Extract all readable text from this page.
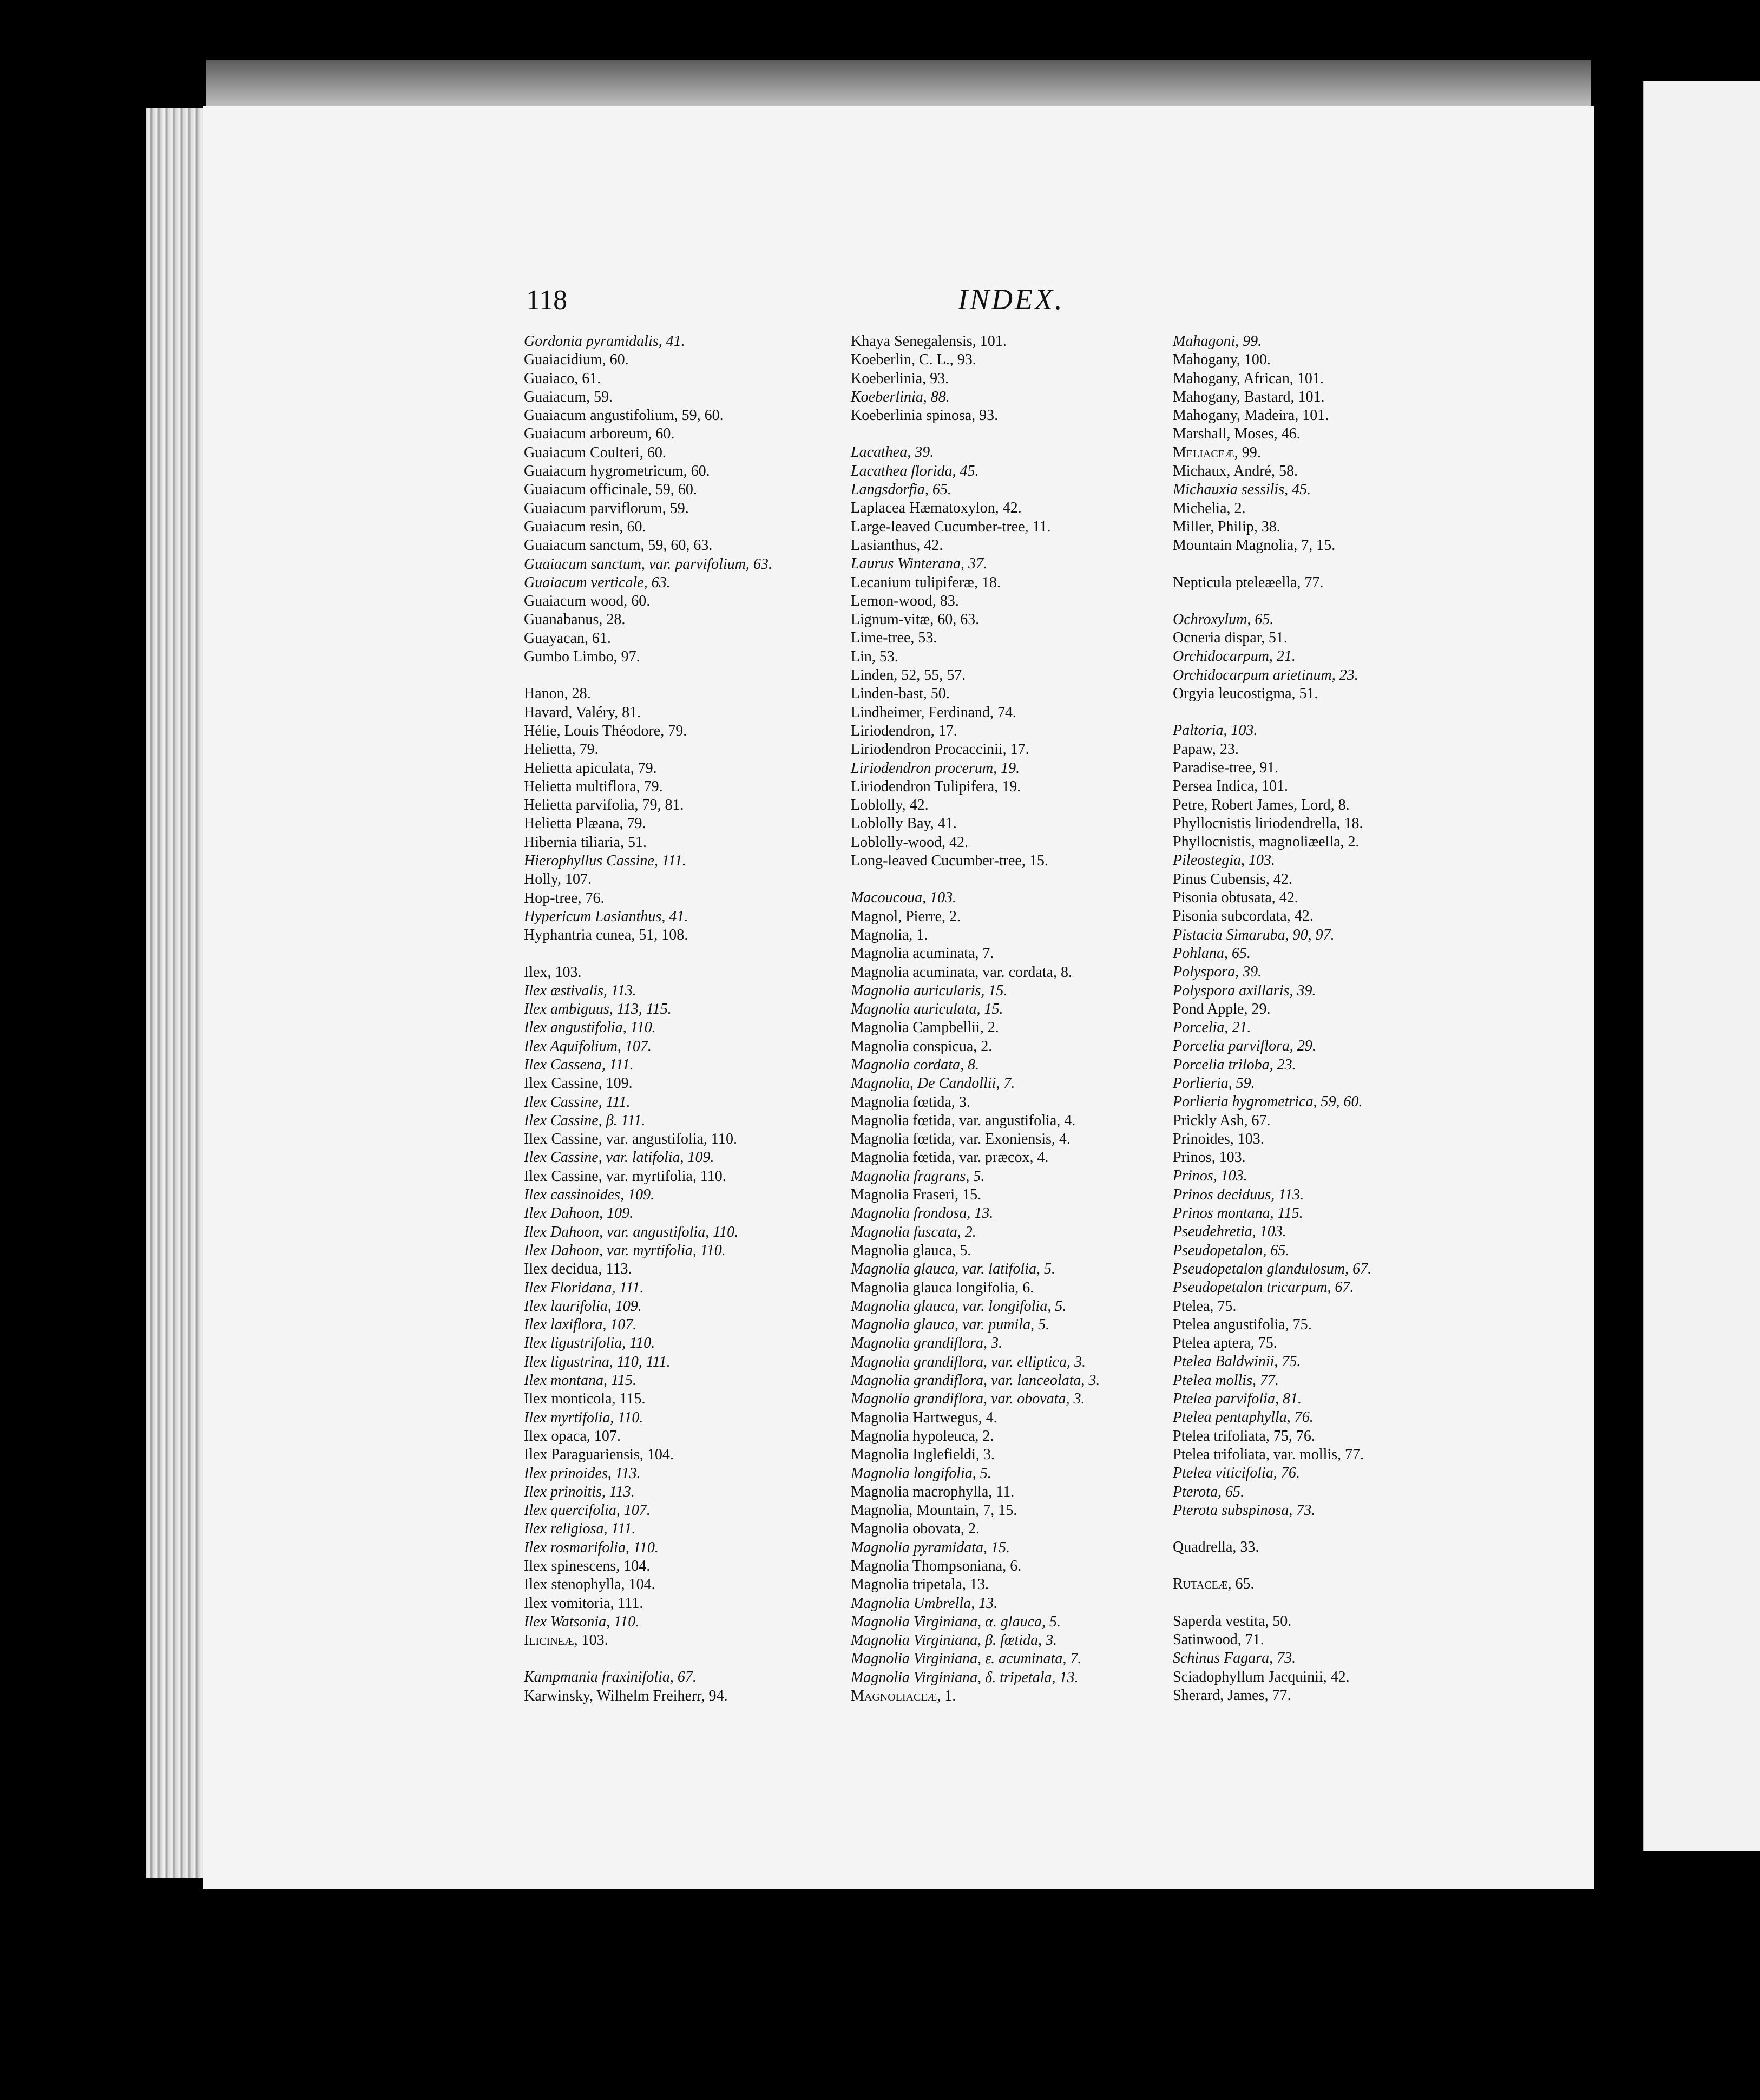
118	INDEX.
Gordonia pyramidalis, 41.
Guaiacidium, 60.
Guaiaco, 61.
Guaiacum, 59.
Guaiacum angustifolium, 59, 60.
Guaiacum arboreum, 60.
Guaiacum Coulteri, 60.
Guaiacum hygrometricum, 60.
Guaiacum officinale, 59, 60.
Guaiacum parviflorum, 59.
Guaiacum resin, 60.
Guaiacum sanctum, 59, 60, 63.
Guaiacum sanctum, var. parvifolium, 63.
Guaiacum verticale, 63.
Guaiacum wood, 60.
Guanabanus, 28.
Guayacan, 61.
Gumbo Limbo, 97.
Hanon, 28.
Havard, Valéry, 81.
Hélie, Louis Théodore, 79.
Helietta, 79.
Helietta apiculata, 79.
Helietta multiflora, 79.
Helietta parvifolia, 79, 81.
Helietta Plæana, 79.
Hibernia tiliaria, 51.
Hierophyllus Cassine, 111.
Holly, 107.
Hop-tree, 76.
Hypericum Lasianthus, 41.
Hyphantria cunea, 51, 108.
Ilex, 103.
Ilex æstivalis, 113.
Ilex ambiguus, 113, 115.
Ilex angustifolia, 110.
Ilex Aquifolium, 107.
Ilex Cassena, 111.
Ilex Cassine, 109.
Ilex Cassine, 111.
Ilex Cassine, β. 111.
Ilex Cassine, var. angustifolia, 110.
Ilex Cassine, var. latifolia, 109.
Ilex Cassine, var. myrtifolia, 110.
Ilex cassinoides, 109.
Ilex Dahoon, 109.
Ilex Dahoon, var. angustifolia, 110.
Ilex Dahoon, var. myrtifolia, 110.
Ilex decidua, 113.
Ilex Floridana, 111.
Ilex laurifolia, 109.
Ilex laxiflora, 107.
Ilex ligustrifolia, 110.
Ilex ligustrina, 110, 111.
Ilex montana, 115.
Ilex monticola, 115.
Ilex myrtifolia, 110.
Ilex opaca, 107.
Ilex Paraguariensis, 104.
Ilex prinoides, 113.
Ilex prinoitis, 113.
Ilex quercifolia, 107.
Ilex religiosa, 111.
Ilex rosmarifolia, 110.
Ilex spinescens, 104.
Ilex stenophylla, 104.
Ilex vomitoria, 111.
Ilex Watsonia, 110.
Ilicineæ, 103.
Kampmania fraxinifolia, 67.
Karwinsky, Wilhelm Freiherr, 94.
Khaya Senegalensis, 101.
Koeberlin, C. L., 93.
Koeberlinia, 93.
Koeberlinia, 88.
Koeberlinia spinosa, 93.
Lacathea, 39.
Lacathea florida, 45.
Langsdorfia, 65.
Laplacea Hæmatoxylon, 42.
Large-leaved Cucumber-tree, 11.
Lasianthus, 42.
Laurus Winterana, 37.
Lecanium tulipiferæ, 18.
Lemon-wood, 83.
Lignum-vitæ, 60, 63.
Lime-tree, 53.
Lin, 53.
Linden, 52, 55, 57.
Linden-bast, 50.
Lindheimer, Ferdinand, 74.
Liriodendron, 17.
Liriodendron Procaccinii, 17.
Liriodendron procerum, 19.
Liriodendron Tulipifera, 19.
Loblolly, 42.
Loblolly Bay, 41.
Loblolly-wood, 42.
Long-leaved Cucumber-tree, 15.
Macoucoua, 103.
Magnol, Pierre, 2.
Magnolia, 1.
Magnolia acuminata, 7.
Magnolia acuminata, var. cordata, 8.
Magnolia auricularis, 15.
Magnolia auriculata, 15.
Magnolia Campbellii, 2.
Magnolia conspicua, 2.
Magnolia cordata, 8.
Magnolia, De Candollii, 7.
Magnolia fœtida, 3.
Magnolia fœtida, var. angustifolia, 4.
Magnolia fœtida, var. Exoniensis, 4.
Magnolia fœtida, var. præcox, 4.
Magnolia fragrans, 5.
Magnolia Fraseri, 15.
Magnolia frondosa, 13.
Magnolia fuscata, 2.
Magnolia glauca, 5.
Magnolia glauca, var. latifolia, 5.
Magnolia glauca longifolia, 6.
Magnolia glauca, var. longifolia, 5.
Magnolia glauca, var. pumila, 5.
Magnolia grandiflora, 3.
Magnolia grandiflora, var. elliptica, 3.
Magnolia grandiflora, var. lanceolata, 3.
Magnolia grandiflora, var. obovata, 3.
Magnolia Hartwegus, 4.
Magnolia hypoleuca, 2.
Magnolia Inglefieldi, 3.
Magnolia longifolia, 5.
Magnolia macrophylla, 11.
Magnolia, Mountain, 7, 15.
Magnolia obovata, 2.
Magnolia pyramidata, 15.
Magnolia Thompsoniana, 6.
Magnolia tripetala, 13.
Magnolia Umbrella, 13.
Magnolia Virginiana, α. glauca, 5.
Magnolia Virginiana, β. fœtida, 3.
Magnolia Virginiana, ε. acuminata, 7.
Magnolia Virginiana, δ. tripetala, 13.
Magnoliaceæ, 1.
Mahagoni, 99.
Mahogany, 100.
Mahogany, African, 101.
Mahogany, Bastard, 101.
Mahogany, Madeira, 101.
Marshall, Moses, 46.
Meliaceæ, 99.
Michaux, André, 58.
Michauxia sessilis, 45.
Michelia, 2.
Miller, Philip, 38.
Mountain Magnolia, 7, 15.
Nepticula pteleæella, 77.
Ochroxylum, 65.
Ocneria dispar, 51.
Orchidocarpum, 21.
Orchidocarpum arietinum, 23.
Orgyia leucostigma, 51.
Paltoria, 103.
Papaw, 23.
Paradise-tree, 91.
Persea Indica, 101.
Petre, Robert James, Lord, 8.
Phyllocnistis liriodendrella, 18.
Phyllocnistis, magnoliæella, 2.
Pileostegia, 103.
Pinus Cubensis, 42.
Pisonia obtusata, 42.
Pisonia subcordata, 42.
Pistacia Simaruba, 90, 97.
Pohlana, 65.
Polyspora, 39.
Polyspora axillaris, 39.
Pond Apple, 29.
Porcelia, 21.
Porcelia parviflora, 29.
Porcelia triloba, 23.
Porlieria, 59.
Porlieria hygrometrica, 59, 60.
Prickly Ash, 67.
Prinoides, 103.
Prinos, 103.
Prinos, 103.
Prinos deciduus, 113.
Prinos montana, 115.
Pseudehretia, 103.
Pseudopetalon, 65.
Pseudopetalon glandulosum, 67.
Pseudopetalon tricarpum, 67.
Ptelea, 75.
Ptelea angustifolia, 75.
Ptelea aptera, 75.
Ptelea Baldwinii, 75.
Ptelea mollis, 77.
Ptelea parvifolia, 81.
Ptelea pentaphylla, 76.
Ptelea trifoliata, 75, 76.
Ptelea trifoliata, var. mollis, 77.
Ptelea viticifolia, 76.
Pterota, 65.
Pterota subspinosa, 73.
Quadrella, 33.
Rutaceæ, 65.
Saperda vestita, 50.
Satinwood, 71.
Schinus Fagara, 73.
Sciadophyllum Jacquinii, 42.
Sherard, James, 77.
